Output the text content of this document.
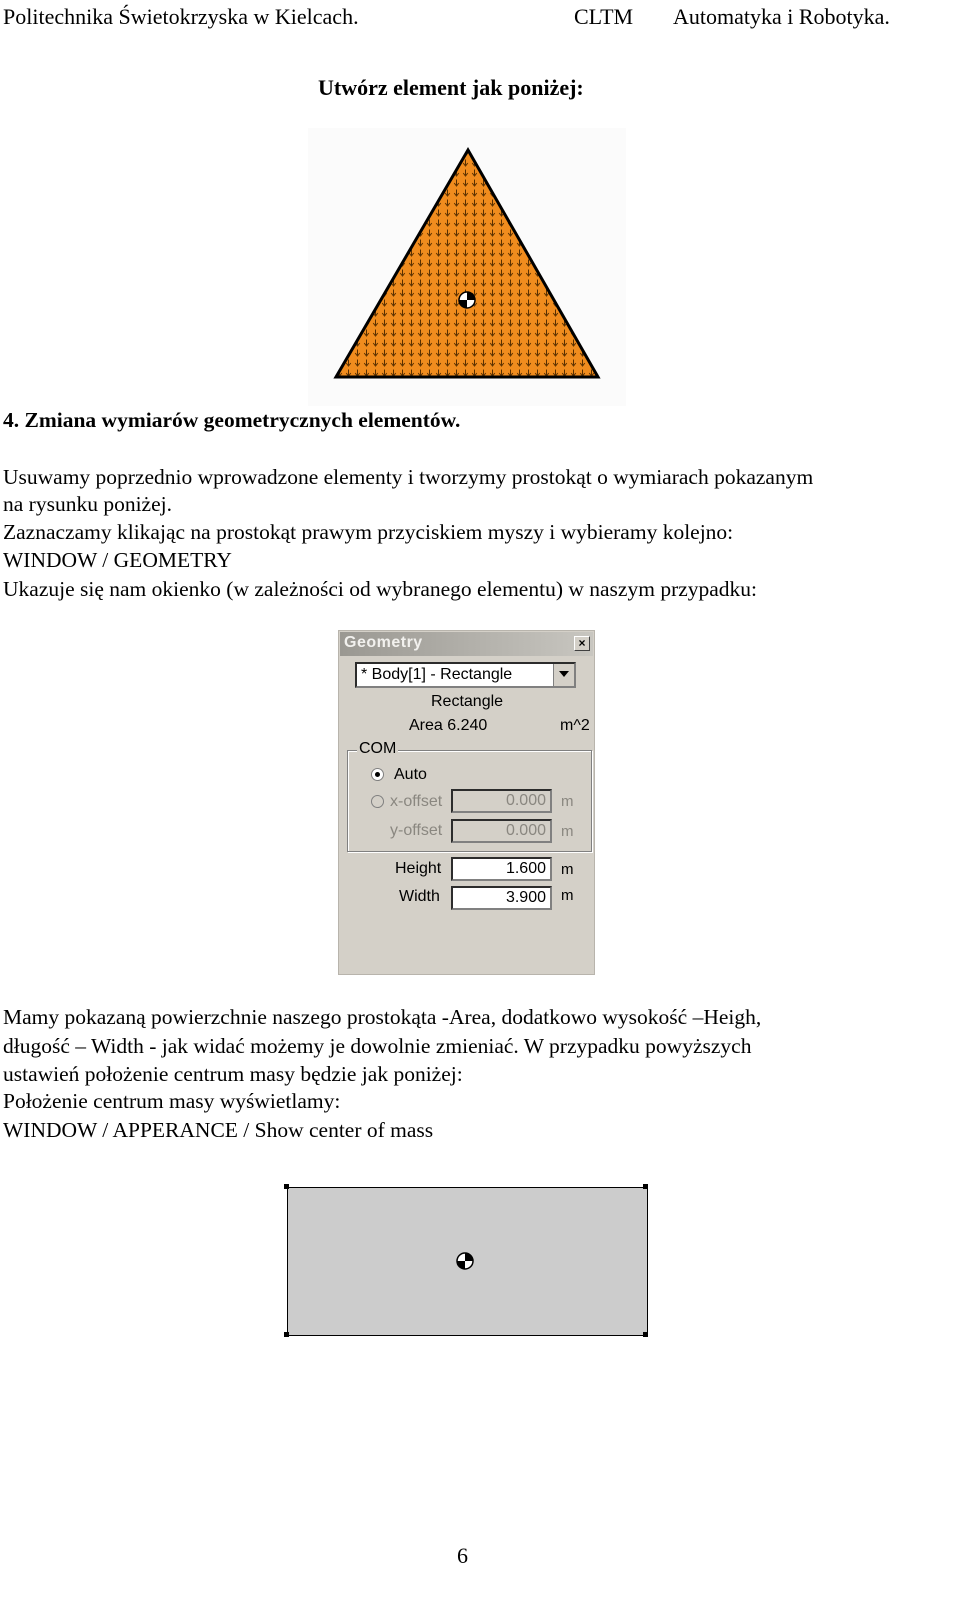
Politechnika Świetokrzyska w Kielcach.	CLTM Automatyka i Robotyka.
Utwórz element jak poniżej:
4. Zmiana wymiarów geometrycznych elementów.
Usuwamy poprzednio wprowadzone elementy i tworzymy prostokąt o wymiarach pokazanym
na rysunku poniżej.
Zaznaczamy klikając na prostokąt prawym przyciskiem myszy i wybieramy kolejno:
WINDOW / GEOMETRY
Ukazuje się nam okienko (w zależności od wybranego elementu) w naszym przypadku:
Geometry	×
* Body[1] - Rectangle
Rectangle
Area 6.240	m^2
COM
Auto
x-offset	0.000	m
y-offset	0.000	m
Height	1.600	m
Width	3.900	m
Mamy pokazaną powierzchnie naszego prostokąta -Area, dodatkowo wysokość –Heigh,
długość – Width - jak widać możemy je dowolnie zmieniać. W przypadku powyższych
ustawień położenie centrum masy będzie jak poniżej:
Położenie centrum masy wyświetlamy:
WINDOW / APPERANCE / Show center of mass
6
